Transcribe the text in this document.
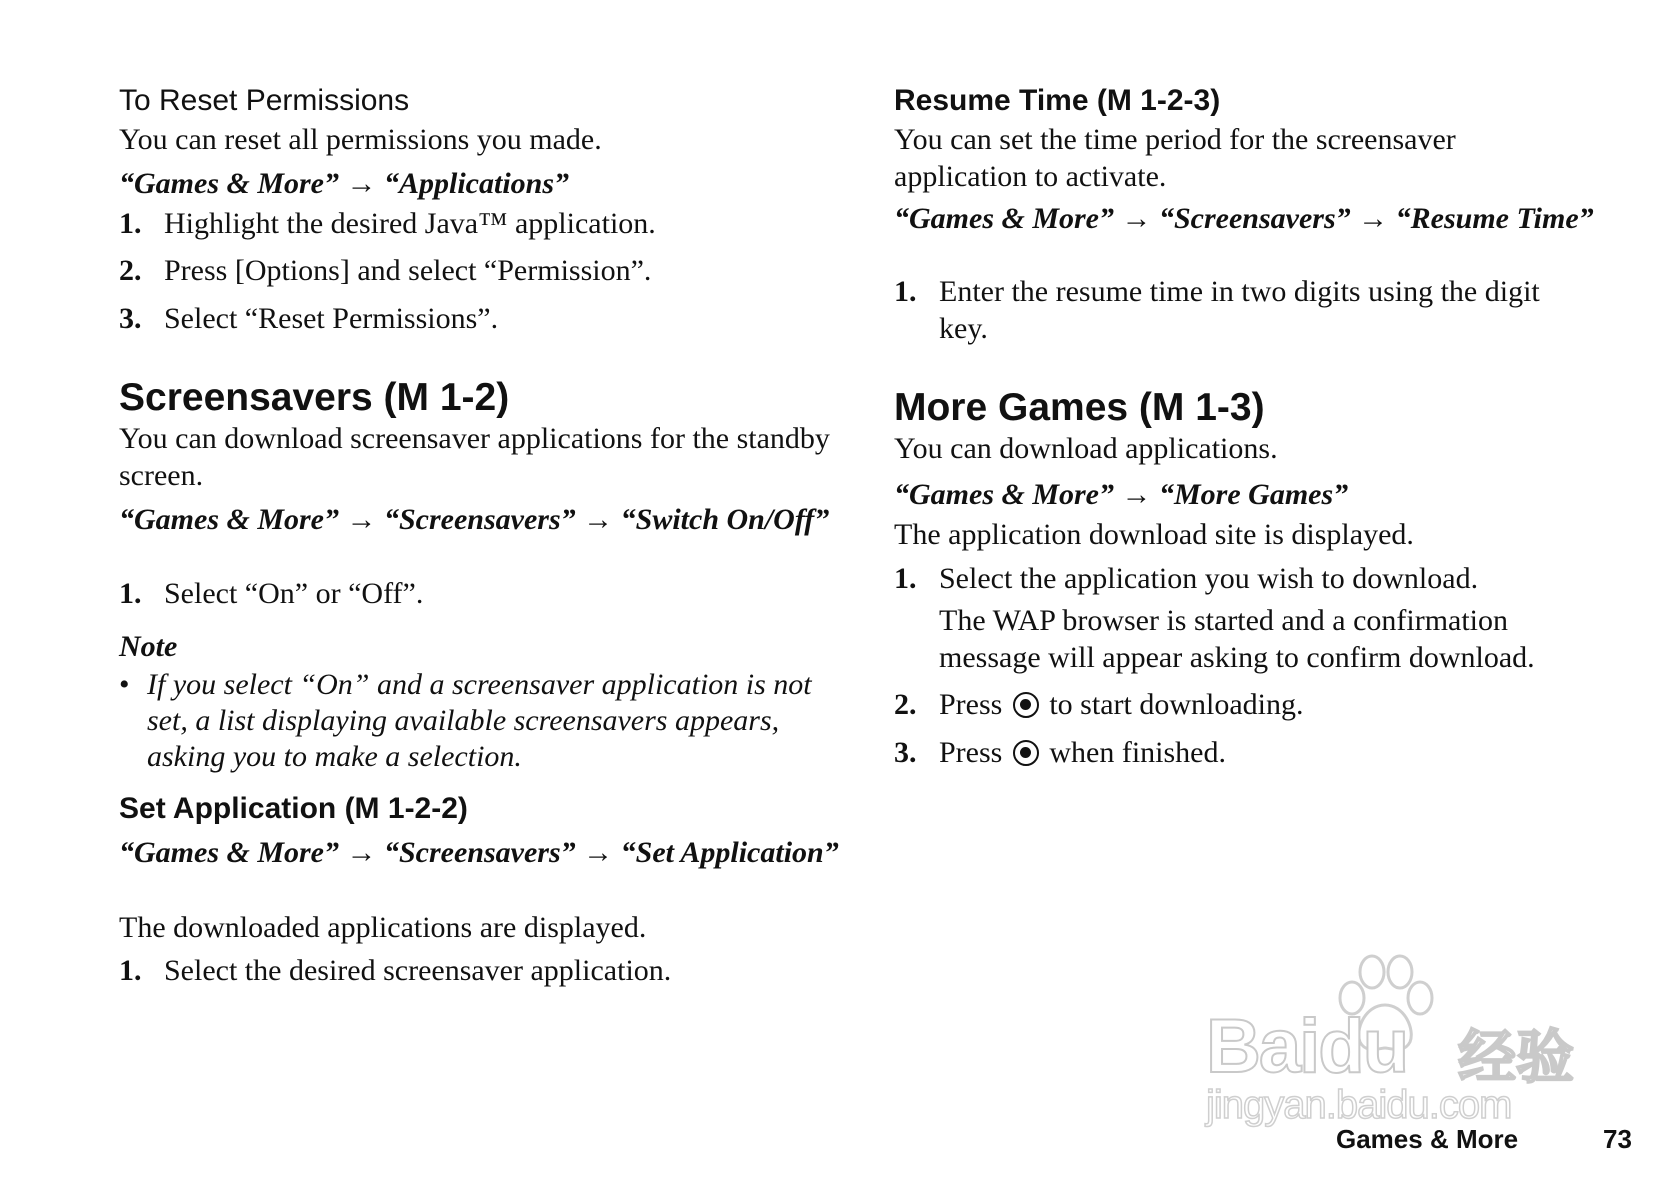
To Reset Permissions
You can reset all permissions you made.
“Games & More” → “Applications”
1. Highlight the desired Java™ application.
2. Press [Options] and select “Permission”.
3. Select “Reset Permissions”.
Screensavers (M 1-2)
You can download screensaver applications for the standby screen.
“Games & More” → “Screensavers” → “Switch On/Off”
1. Select “On” or “Off”.
Note
• If you select “On” and a screensaver application is not set, a list displaying available screensavers appears, asking you to make a selection.
Set Application (M 1-2-2)
“Games & More” → “Screensavers” → “Set Application”
The downloaded applications are displayed.
1. Select the desired screensaver application.
Resume Time (M 1-2-3)
You can set the time period for the screensaver application to activate.
“Games & More” → “Screensavers” → “Resume Time”
1. Enter the resume time in two digits using the digit key.
More Games (M 1-3)
You can download applications.
“Games & More” → “More Games”
The application download site is displayed.
1. Select the application you wish to download.
The WAP browser is started and a confirmation message will appear asking to confirm download.
2. Press to start downloading.
3. Press when finished.
Baidu 经验
jingyan.baidu.com
Games & More	73
